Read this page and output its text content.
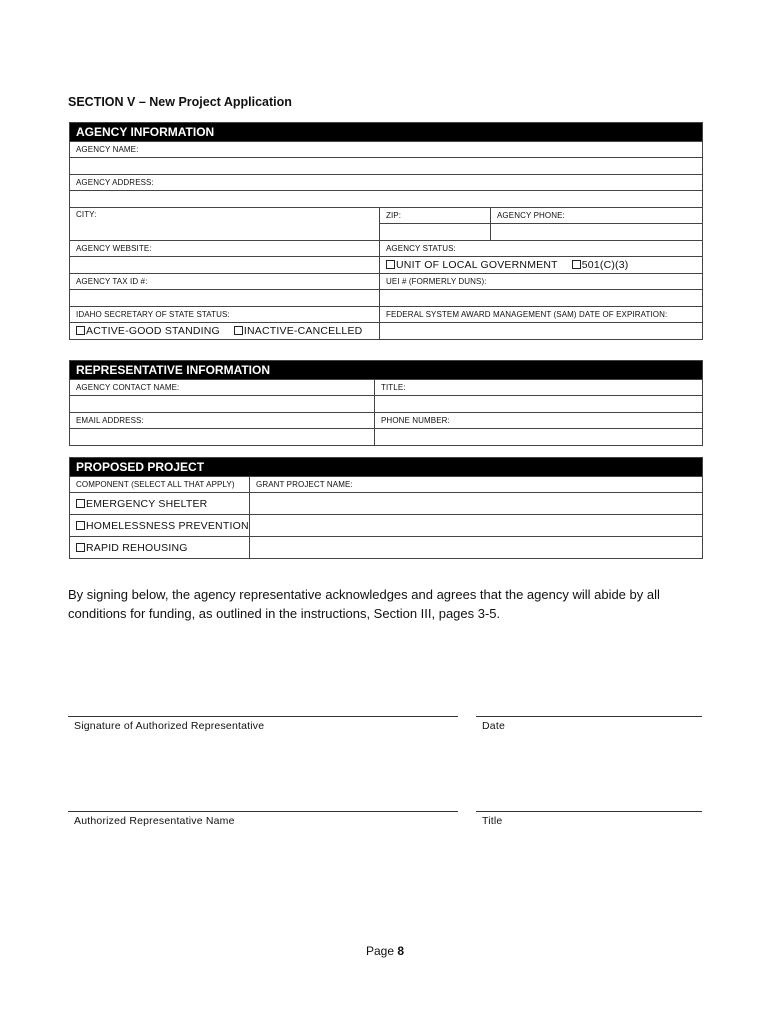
SECTION V – New Project Application
AGENCY INFORMATION		
AGENCY NAME:		

AGENCY ADDRESS:		

CITY:	ZIP:	AGENCY PHONE:

AGENCY WEBSITE:	AGENCY STATUS:	
	UNIT OF LOCAL GOVERNMENT 501(C)(3)	
AGENCY TAX ID #:	UEI # (FORMERLY DUNS):	

IDAHO SECRETARY OF STATE STATUS:	FEDERAL SYSTEM AWARD MANAGEMENT (SAM) DATE OF EXPIRATION:	
ACTIVE-GOOD STANDING INACTIVE-CANCELLED		
REPRESENTATIVE INFORMATION	
AGENCY CONTACT NAME:	TITLE:

EMAIL ADDRESS:	PHONE NUMBER:

PROPOSED PROJECT	
COMPONENT (SELECT ALL THAT APPLY)	GRANT PROJECT NAME:
EMERGENCY SHELTER	
HOMELESSNESS PREVENTION	
RAPID REHOUSING	
By signing below, the agency representative acknowledges and agrees that the agency will abide by all conditions for funding, as outlined in the instructions, Section III, pages 3-5.
Signature of Authorized Representative	Date
Authorized Representative Name	Title
Page 8
